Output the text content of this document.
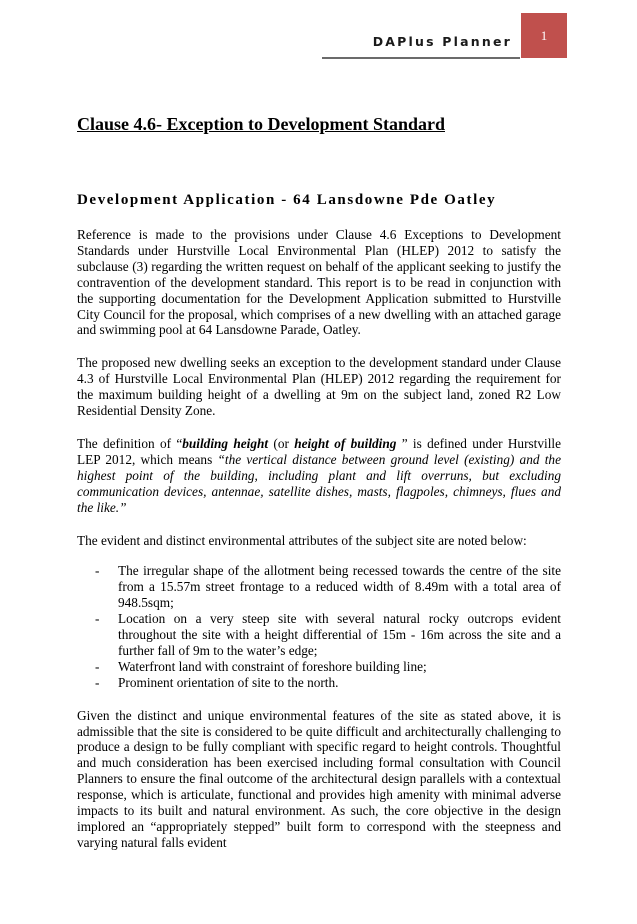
DAPlus Planner 1
Clause 4.6- Exception to Development Standard
Development Application - 64 Lansdowne Pde Oatley

Reference is made to the provisions under Clause 4.6 Exceptions to Development Standards under Hurstville Local Environmental Plan (HLEP) 2012 to satisfy the subclause (3) regarding the written request on behalf of the applicant seeking to justify the contravention of the development standard. This report is to be read in conjunction with the supporting documentation for the Development Application submitted to Hurstville City Council for the proposal, which comprises of a new dwelling with an attached garage and swimming pool at 64 Lansdowne Parade, Oatley.

The proposed new dwelling seeks an exception to the development standard under Clause 4.3 of Hurstville Local Environmental Plan (HLEP) 2012 regarding the requirement for the maximum building height of a dwelling at 9m on the subject land, zoned R2 Low Residential Density Zone.

The definition of “building height (or height of building ” is defined under Hurstville LEP 2012, which means “the vertical distance between ground level (existing) and the highest point of the building, including plant and lift overruns, but excluding communication devices, antennae, satellite dishes, masts, flagpoles, chimneys, flues and the like.”

The evident and distinct environmental attributes of the subject site are noted below:

- The irregular shape of the allotment being recessed towards the centre of the site from a 15.57m street frontage to a reduced width of 8.49m with a total area of 948.5sqm;
- Location on a very steep site with several natural rocky outcrops evident throughout the site with a height differential of 15m - 16m across the site and a further fall of 9m to the water’s edge;
- Waterfront land with constraint of foreshore building line;
- Prominent orientation of site to the north.

Given the distinct and unique environmental features of the site as stated above, it is admissible that the site is considered to be quite difficult and architecturally challenging to produce a design to be fully compliant with specific regard to height controls. Thoughtful and much consideration has been exercised including formal consultation with Council Planners to ensure the final outcome of the architectural design parallels with a contextual response, which is articulate, functional and provides high amenity with minimal adverse impacts to its built and natural environment. As such, the core objective in the design implored an “appropriately stepped” built form to correspond with the steepness and varying natural falls evident
